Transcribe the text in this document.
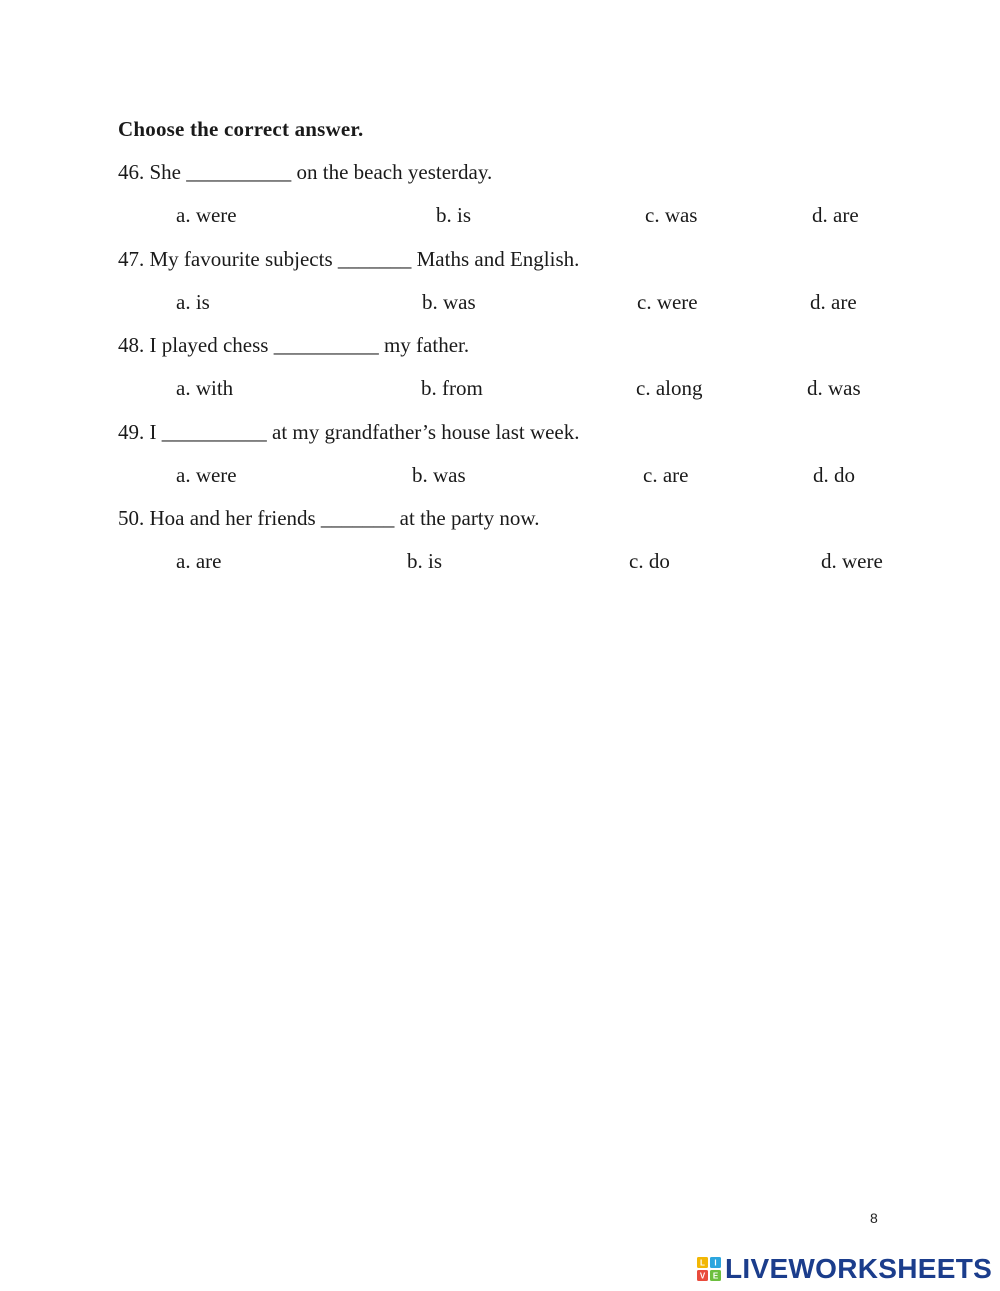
Choose the correct answer.
46. She __________ on the beach yesterday.
a. were	b. is	c. was	d. are
47. My favourite subjects _______ Maths and English.
a. is	b. was	c. were	d. are
48. I played chess __________ my father.
a. with	b. from	c. along	d. was
49. I __________ at my grandfather’s house last week.
a. were	b. was	c. are	d. do
50. Hoa and her friends _______ at the party now.
a. are	b. is	c. do	d. were
8
L I
V E LIVEWORKSHEETS
